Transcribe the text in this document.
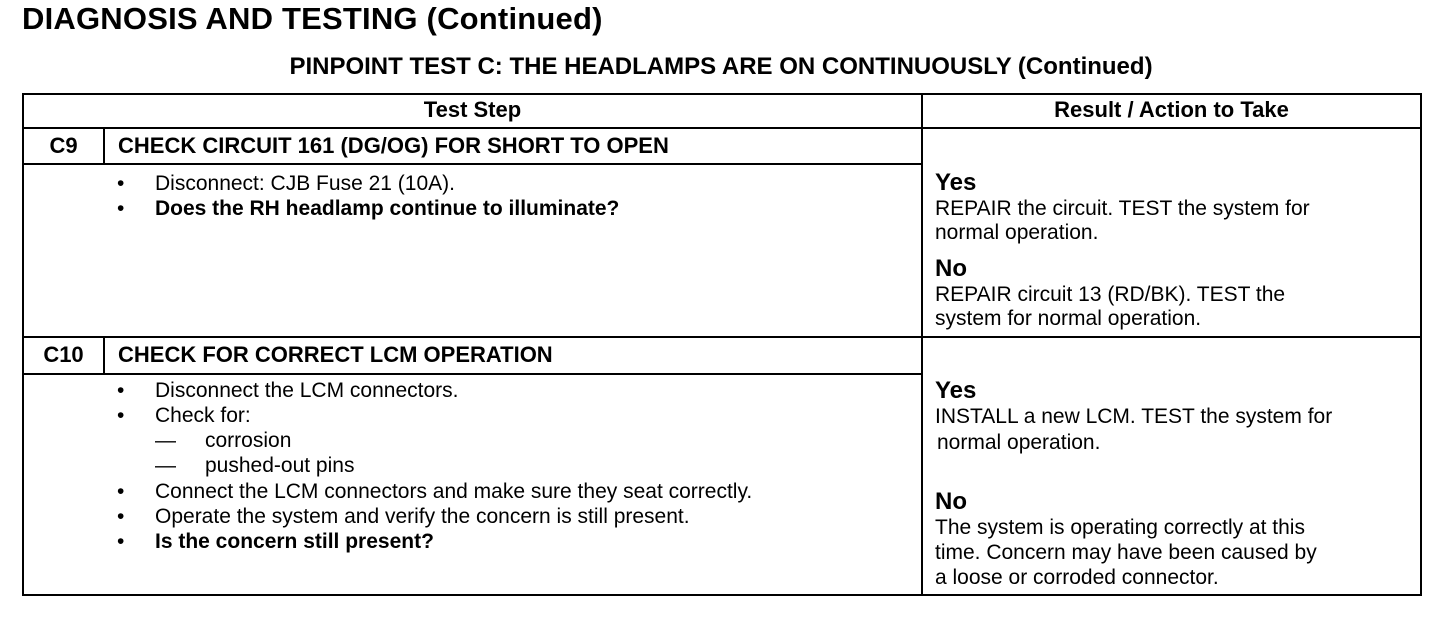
DIAGNOSIS AND TESTING (Continued)
PINPOINT TEST C: THE HEADLAMPS ARE ON CONTINUOUSLY (Continued)
Test Step	Result / Action to Take
C9	CHECK CIRCUIT 161 (DG/OG) FOR SHORT TO OPEN
• Disconnect: CJB Fuse 21 (10A).
• Does the RH headlamp continue to illuminate?
Yes
REPAIR the circuit. TEST the system for
normal operation.
No
REPAIR circuit 13 (RD/BK). TEST the
system for normal operation.
C10	CHECK FOR CORRECT LCM OPERATION
• Disconnect the LCM connectors.
• Check for:
— corrosion
— pushed-out pins
• Connect the LCM connectors and make sure they seat correctly.
• Operate the system and verify the concern is still present.
• Is the concern still present?
Yes
INSTALL a new LCM. TEST the system for
normal operation.
No
The system is operating correctly at this
time. Concern may have been caused by
a loose or corroded connector.
